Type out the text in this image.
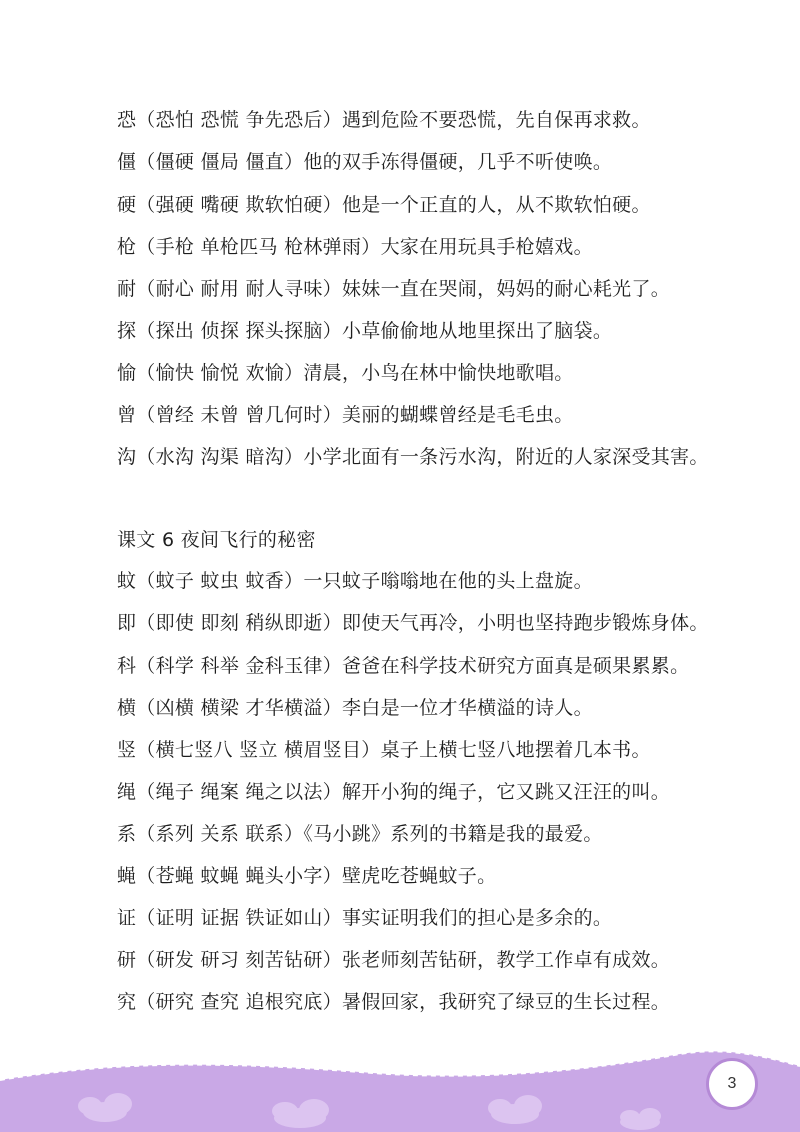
恐（恐怕 恐慌 争先恐后）遇到危险不要恐慌，先自保再求救。
僵（僵硬 僵局 僵直）他的双手冻得僵硬，几乎不听使唤。
硬（强硬 嘴硬 欺软怕硬）他是一个正直的人，从不欺软怕硬。
枪（手枪 单枪匹马 枪林弹雨）大家在用玩具手枪嬉戏。
耐（耐心 耐用 耐人寻味）妹妹一直在哭闹，妈妈的耐心耗光了。
探（探出 侦探 探头探脑）小草偷偷地从地里探出了脑袋。
愉（愉快 愉悦 欢愉）清晨，小鸟在林中愉快地歌唱。
曾（曾经 未曾 曾几何时）美丽的蝴蝶曾经是毛毛虫。
沟（水沟 沟渠 暗沟）小学北面有一条污水沟，附近的人家深受其害。
课文 6 夜间飞行的秘密
蚊（蚊子 蚊虫 蚊香）一只蚊子嗡嗡地在他的头上盘旋。
即（即使 即刻 稍纵即逝）即使天气再冷，小明也坚持跑步锻炼身体。
科（科学 科举 金科玉律）爸爸在科学技术研究方面真是硕果累累。
横（凶横 横梁 才华横溢）李白是一位才华横溢的诗人。
竖（横七竖八 竖立 横眉竖目）桌子上横七竖八地摆着几本书。
绳（绳子 绳案 绳之以法）解开小狗的绳子，它又跳又汪汪的叫。
系（系列 关系 联系）《马小跳》系列的书籍是我的最爱。
蝇（苍蝇 蚊蝇 蝇头小字）壁虎吃苍蝇蚊子。
证（证明 证据 铁证如山）事实证明我们的担心是多余的。
研（研发 研习 刻苦钻研）张老师刻苦钻研，教学工作卓有成效。
究（研究 查究 追根究底）暑假回家，我研究了绿豆的生长过程。
3
